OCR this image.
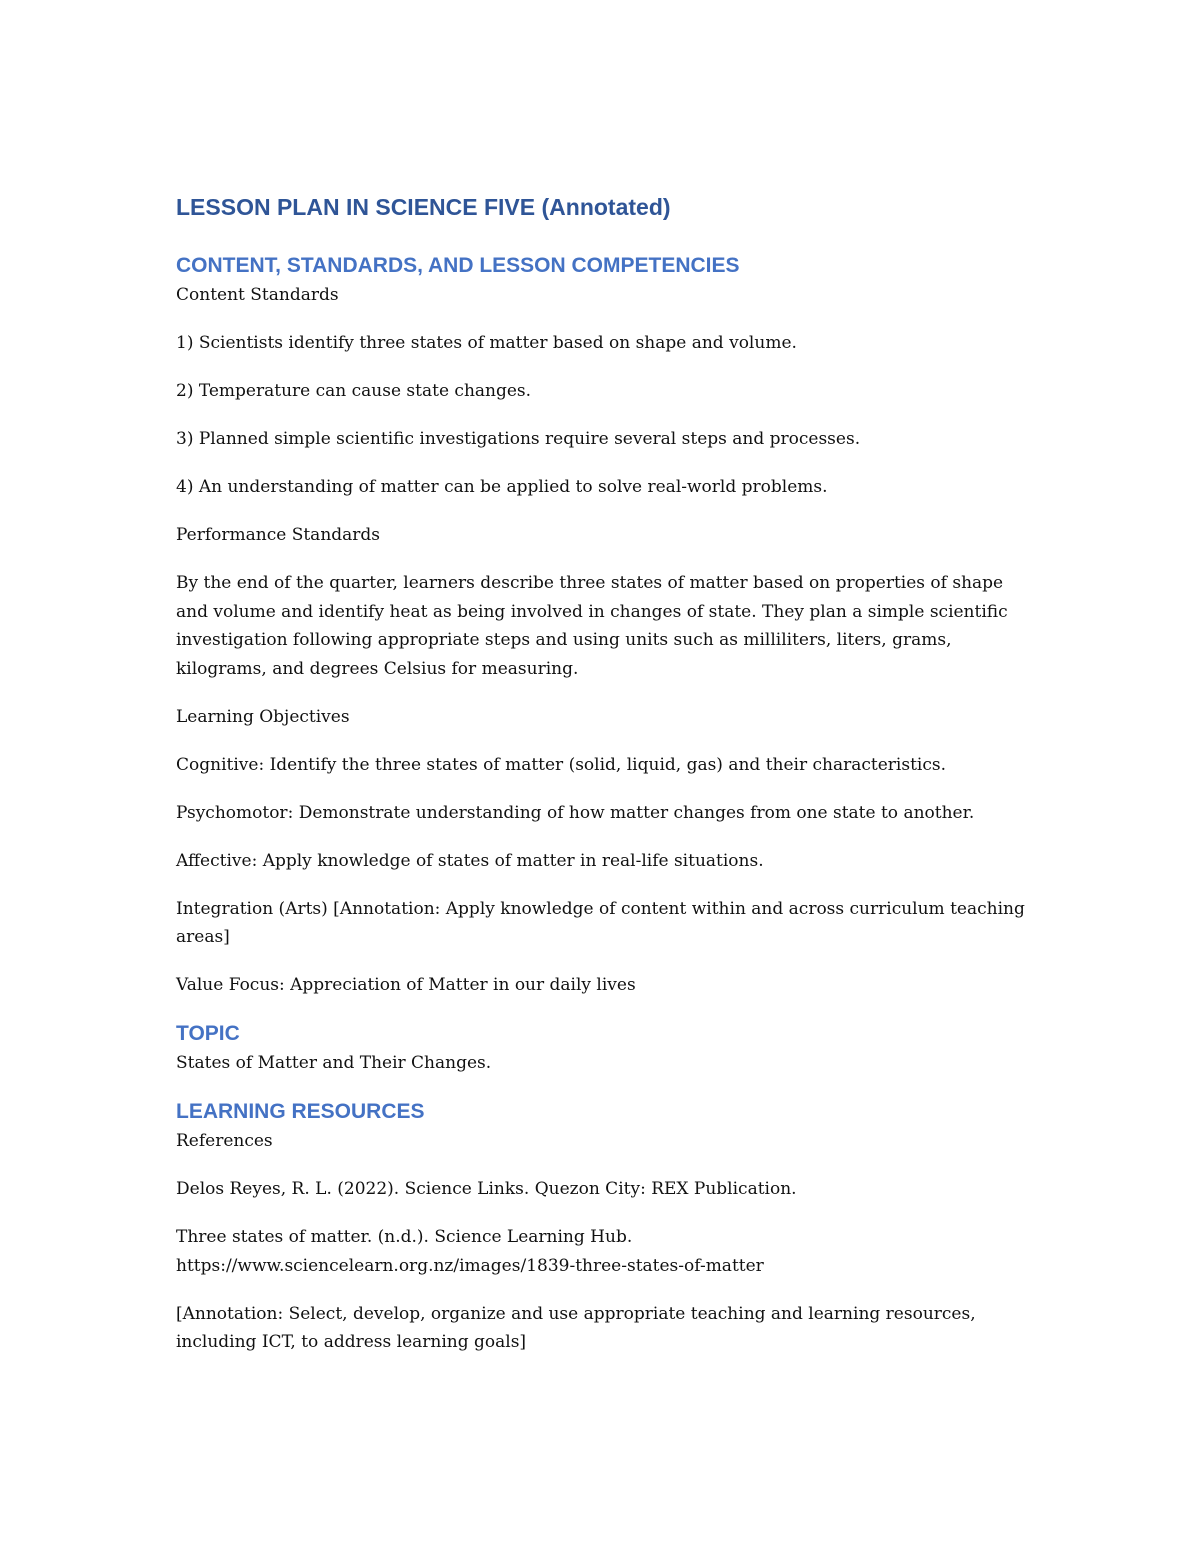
LESSON PLAN IN SCIENCE FIVE (Annotated)
CONTENT, STANDARDS, AND LESSON COMPETENCIES
Content Standards
1) Scientists identify three states of matter based on shape and volume.
2) Temperature can cause state changes.
3) Planned simple scientific investigations require several steps and processes.
4) An understanding of matter can be applied to solve real-world problems.
Performance Standards
By the end of the quarter, learners describe three states of matter based on properties of shape and volume and identify heat as being involved in changes of state. They plan a simple scientific investigation following appropriate steps and using units such as milliliters, liters, grams, kilograms, and degrees Celsius for measuring.
Learning Objectives
Cognitive: Identify the three states of matter (solid, liquid, gas) and their characteristics.
Psychomotor: Demonstrate understanding of how matter changes from one state to another.
Affective: Apply knowledge of states of matter in real-life situations.
Integration (Arts) [Annotation: Apply knowledge of content within and across curriculum teaching areas]
Value Focus: Appreciation of Matter in our daily lives
TOPIC
States of Matter and Their Changes.
LEARNING RESOURCES
References
Delos Reyes, R. L. (2022). Science Links. Quezon City: REX Publication.
Three states of matter. (n.d.). Science Learning Hub. https://www.sciencelearn.org.nz/images/1839-three-states-of-matter
[Annotation: Select, develop, organize and use appropriate teaching and learning resources, including ICT, to address learning goals]
